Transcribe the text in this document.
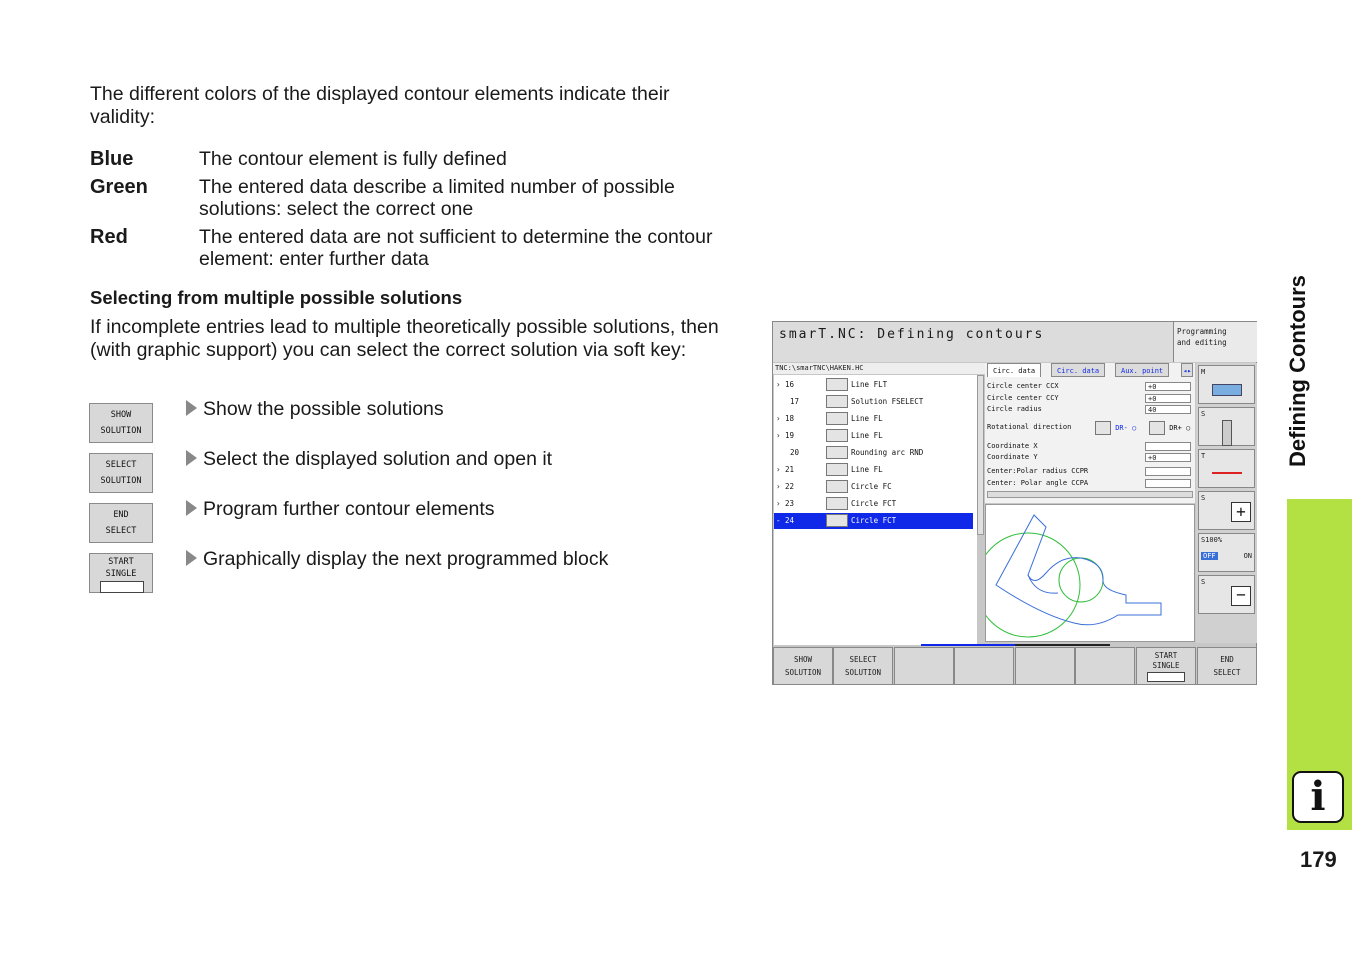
The different colors of the displayed contour elements indicate their validity:
Blue	The contour element is fully defined
Green	The entered data describe a limited number of possible solutions: select the correct one
Red	The entered data are not sufficient to determine the contour element: enter further data
Selecting from multiple possible solutions
If incomplete entries lead to multiple theoretically possible solutions, then (with graphic support) you can select the correct solution via soft key:
SHOW
SOLUTION
Show the possible solutions
SELECT
SOLUTION
Select the displayed solution and open it
END
SELECT
Program further contour elements
START
SINGLE
Graphically display the next programmed block
Defining Contours
i
179
smarT.NC: Defining contours	Programming
and editing
TNC:\smarTNC\HAKEN.HC
› 16	Line FLT
17	Solution FSELECT
› 18	Line FL
› 19	Line FL
20	Rounding arc RND
› 21	Line FL
› 22	Circle FC
› 23	Circle FCT
- 24	Circle FCT
Circ. data	Circ. data	Aux. point	◂▸
Circle center CCX	+0
Circle center CCY	+0
Circle radius	40
Rotational direction	DR- ○	DR+ ○
Coordinate X
Coordinate Y	+0
Center:Polar radius CCPR
Center: Polar angle CCPA
M
S
T
S
+
S100%
OFF	ON
S
−
SHOW
SOLUTION
SELECT
SOLUTION
START
SINGLE
END
SELECT
